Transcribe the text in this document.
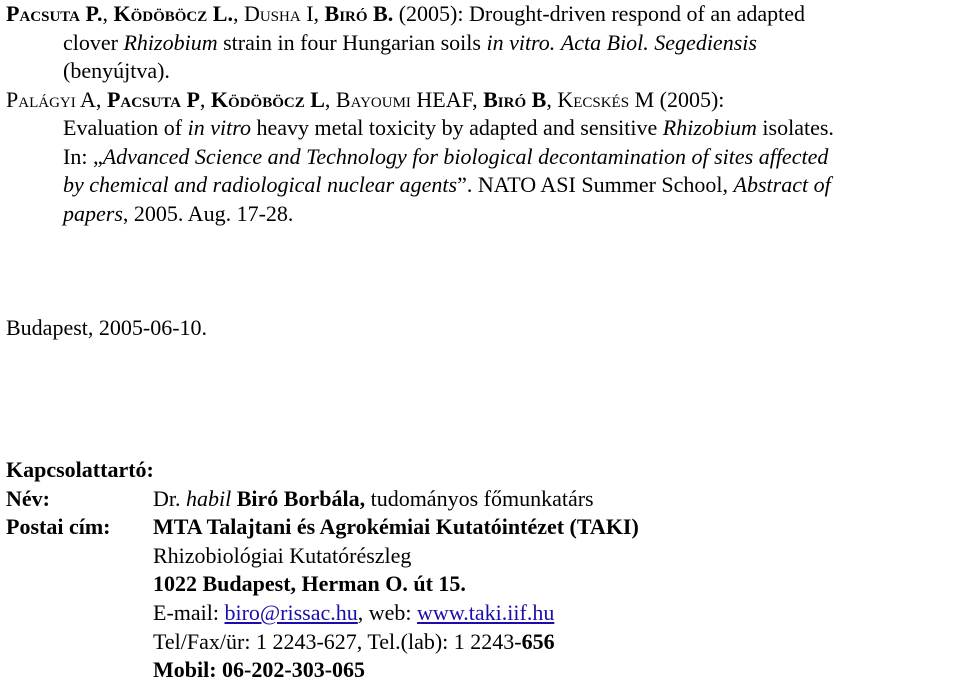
Pacsuta P., Ködöböcz L., Dusha I, Biró B. (2005): Drought-driven respond of an adapted
clover Rhizobium strain in four Hungarian soils in vitro. Acta Biol. Segediensis
(benyújtva).
Palágyi A, Pacsuta P, Ködöböcz L, Bayoumi HEAF, Biró B, Kecskés M (2005):
Evaluation of in vitro heavy metal toxicity by adapted and sensitive Rhizobium isolates.
In: „Advanced Science and Technology for biological decontamination of sites affected
by chemical and radiological nuclear agents”. NATO ASI Summer School, Abstract of
papers, 2005. Aug. 17-28.
Budapest, 2005-06-10.
Kapcsolattartó:
Név:	Dr. habil Biró Borbála, tudományos főmunkatárs
Postai cím: MTA Talajtani és Agrokémiai Kutatóintézet (TAKI)
Rhizobiológiai Kutatórészleg
1022 Budapest, Herman O. út 15.
E-mail: biro@rissac.hu, web: www.taki.iif.hu
Tel/Fax/ür: 1 2243-627, Tel.(lab): 1 2243-656
Mobil: 06-202-303-065
